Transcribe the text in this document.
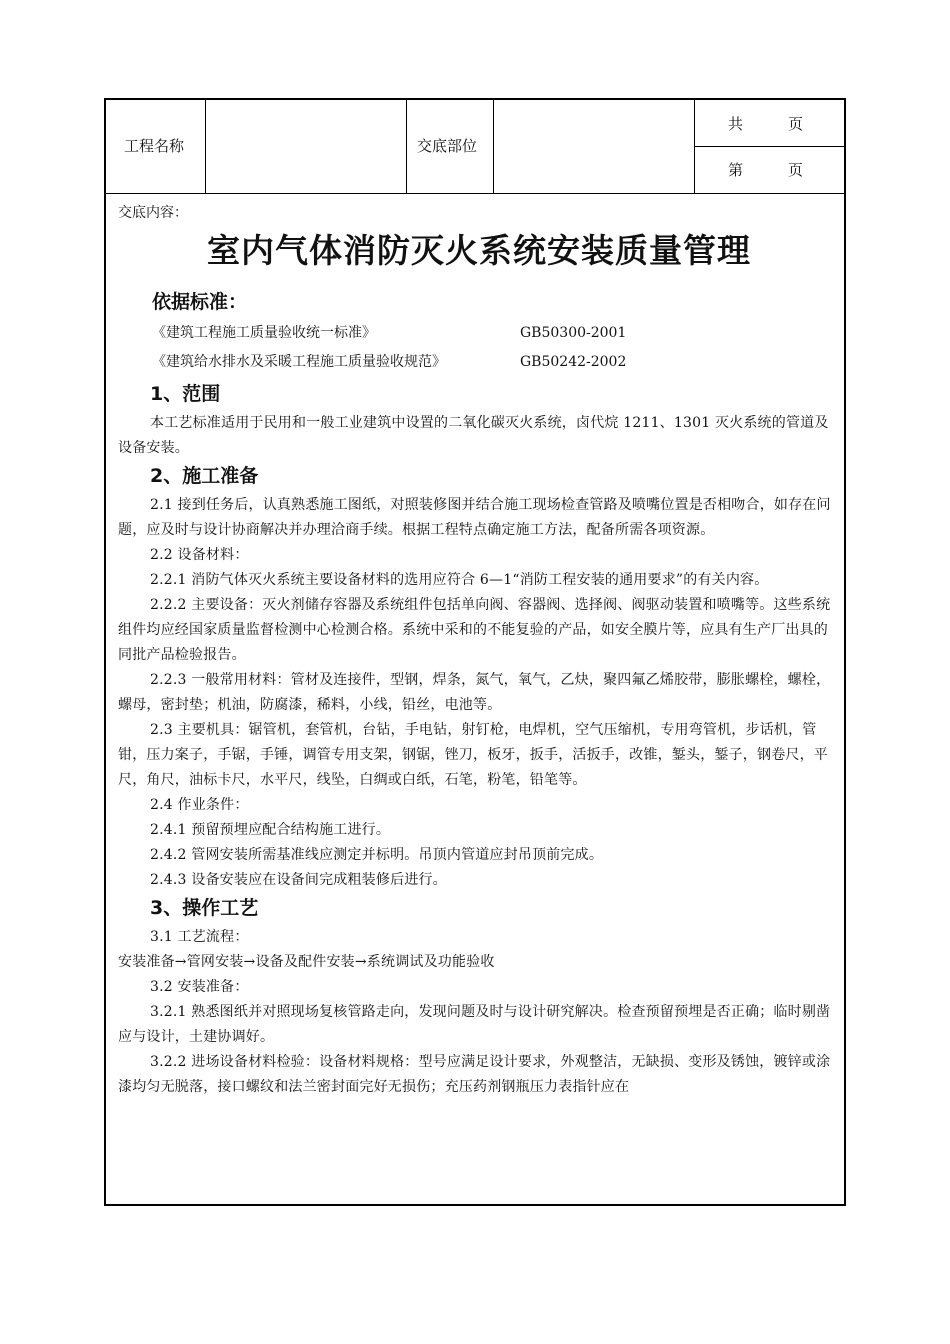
工程名称	交底部位
共　　　页
第　　　页
交底内容：
室内气体消防灭火系统安装质量管理
依据标准：
《建筑工程施工质量验收统一标准》	GB50300-2001
《建筑给水排水及采暖工程施工质量验收规范》	GB50242-2002
1、范围

本工艺标准适用于民用和一般工业建筑中设置的二氧化碳灭火系统，卤代烷 1211、1301 灭火系统的管道及设备安装。

2、施工准备

2.1 接到任务后，认真熟悉施工图纸，对照装修图并结合施工现场检查管路及喷嘴位置是否相吻合，如存在问题，应及时与设计协商解决并办理洽商手续。根据工程特点确定施工方法，配备所需各项资源。

2.2 设备材料：

2.2.1 消防气体灭火系统主要设备材料的选用应符合 6—1“消防工程安装的通用要求”的有关内容。

2.2.2 主要设备：灭火剂储存容器及系统组件包括单向阀、容器阀、选择阀、阀驱动装置和喷嘴等。这些系统组件均应经国家质量监督检测中心检测合格。系统中采和的不能复验的产品，如安全膜片等，应具有生产厂出具的同批产品检验报告。

2.2.3 一般常用材料：管材及连接件，型钢，焊条，氮气，氧气，乙炔，聚四氟乙烯胶带，膨胀螺栓，螺栓，螺母，密封垫；机油，防腐漆，稀料，小线，铅丝，电池等。

2.3 主要机具：锯管机，套管机，台钻，手电钻，射钉枪，电焊机，空气压缩机，专用弯管机，步话机，管钳，压力案子，手锯，手锤，调管专用支架，钢锯，锉刀，板牙，扳手，活扳手，改锥，錾头，錾子，钢卷尺，平尺，角尺，油标卡尺，水平尺，线坠，白绸或白纸，石笔，粉笔，铅笔等。

2.4 作业条件：

2.4.1 预留预埋应配合结构施工进行。

2.4.2 管网安装所需基准线应测定并标明。吊顶内管道应封吊顶前完成。

2.4.3 设备安装应在设备间完成粗装修后进行。

3、操作工艺

3.1 工艺流程：

安装准备→管网安装→设备及配件安装→系统调试及功能验收

3.2 安装准备：

3.2.1 熟悉图纸并对照现场复核管路走向，发现问题及时与设计研究解决。检查预留预埋是否正确；临时剔凿应与设计，土建协调好。

3.2.2 进场设备材料检验：设备材料规格：型号应满足设计要求，外观整洁，无缺损、变形及锈蚀，镀锌或涂漆均匀无脱落，接口螺纹和法兰密封面完好无损伤；充压药剂钢瓶压力表指针应在
